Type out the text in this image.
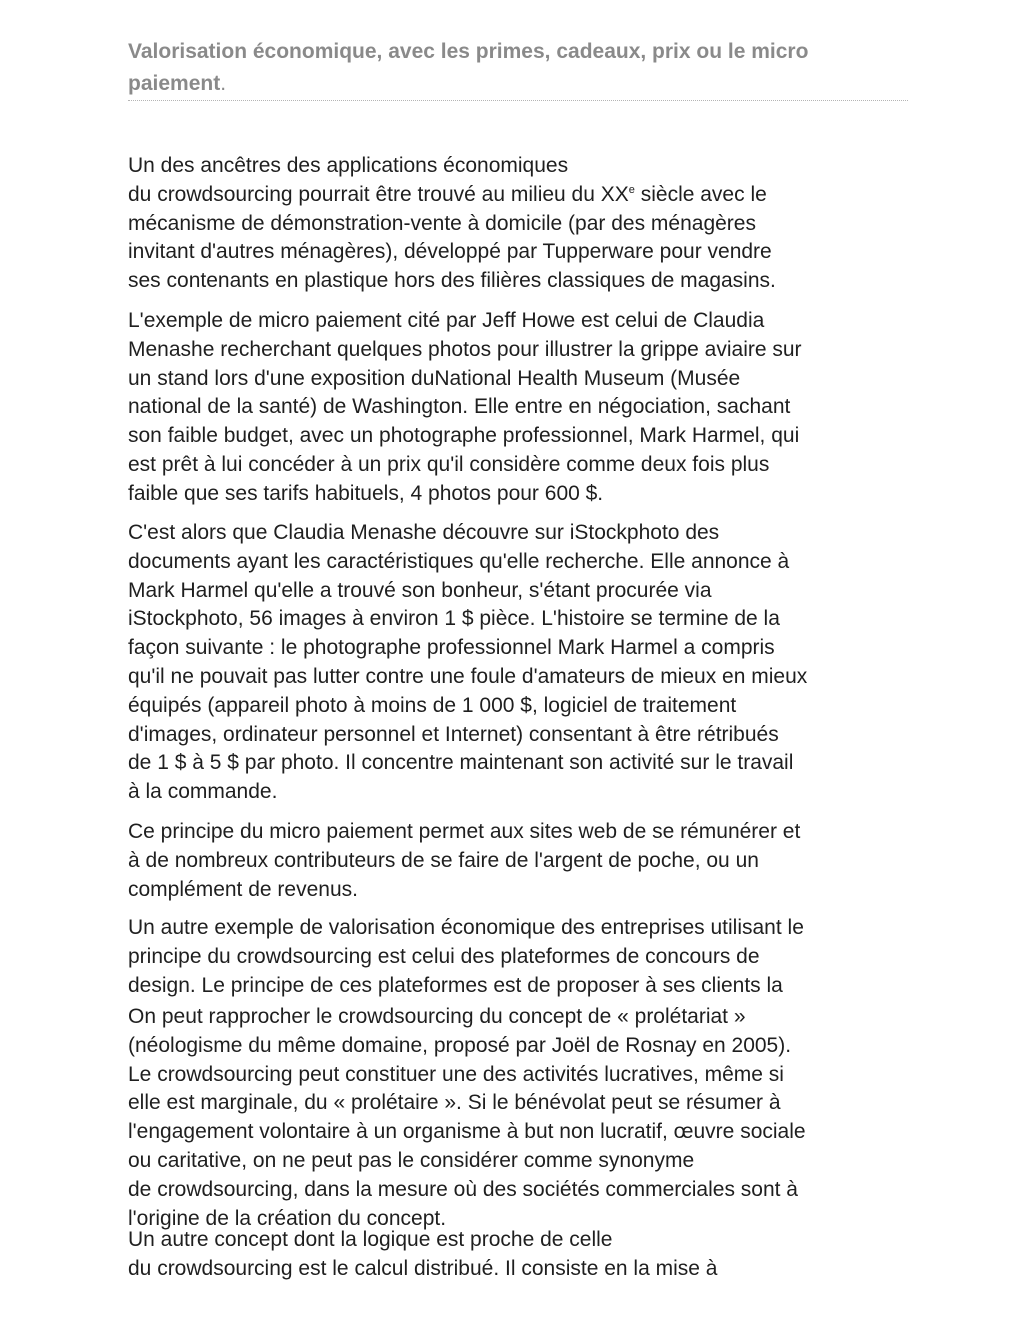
Valorisation économique, avec les primes, cadeaux, prix ou le micro paiement.

Un des ancêtres des applications économiques

du crowdsourcing pourrait être trouvé au milieu du XXe siècle avec le

mécanisme de démonstration-vente à domicile (par des ménagères

invitant d'autres ménagères), développé par Tupperware pour vendre

ses contenants en plastique hors des filières classiques de magasins.

L'exemple de micro paiement cité par Jeff Howe est celui de Claudia

Menashe recherchant quelques photos pour illustrer la grippe aviaire sur

un stand lors d'une exposition duNational Health Museum (Musée

national de la santé) de Washington. Elle entre en négociation, sachant

son faible budget, avec un photographe professionnel, Mark Harmel, qui

est prêt à lui concéder à un prix qu'il considère comme deux fois plus

faible que ses tarifs habituels, 4 photos pour 600 $.

C'est alors que Claudia Menashe découvre sur iStockphoto des

documents ayant les caractéristiques qu'elle recherche. Elle annonce à

Mark Harmel qu'elle a trouvé son bonheur, s'étant procurée via

iStockphoto, 56 images à environ 1 $ pièce. L'histoire se termine de la

façon suivante : le photographe professionnel Mark Harmel a compris

qu'il ne pouvait pas lutter contre une foule d'amateurs de mieux en mieux

équipés (appareil photo à moins de 1 000 $, logiciel de traitement

d'images, ordinateur personnel et Internet) consentant à être rétribués

de 1 $ à 5 $ par photo. Il concentre maintenant son activité sur le travail

à la commande.

Ce principe du micro paiement permet aux sites web de se rémunérer et

à de nombreux contributeurs de se faire de l'argent de poche, ou un

complément de revenus.

Un autre exemple de valorisation économique des entreprises utilisant le

principe du crowdsourcing est celui des plateformes de concours de

design. Le principe de ces plateformes est de proposer à ses clients la

On peut rapprocher le crowdsourcing du concept de « prolétariat »

(néologisme du même domaine, proposé par Joël de Rosnay en 2005).

Le crowdsourcing peut constituer une des activités lucratives, même si

elle est marginale, du « prolétaire ». Si le bénévolat peut se résumer à

l'engagement volontaire à un organisme à but non lucratif, œuvre sociale

ou caritative, on ne peut pas le considérer comme synonyme

de crowdsourcing, dans la mesure où des sociétés commerciales sont à

l'origine de la création du concept.

Un autre concept dont la logique est proche de celle

du crowdsourcing est le calcul distribué. Il consiste en la mise à
